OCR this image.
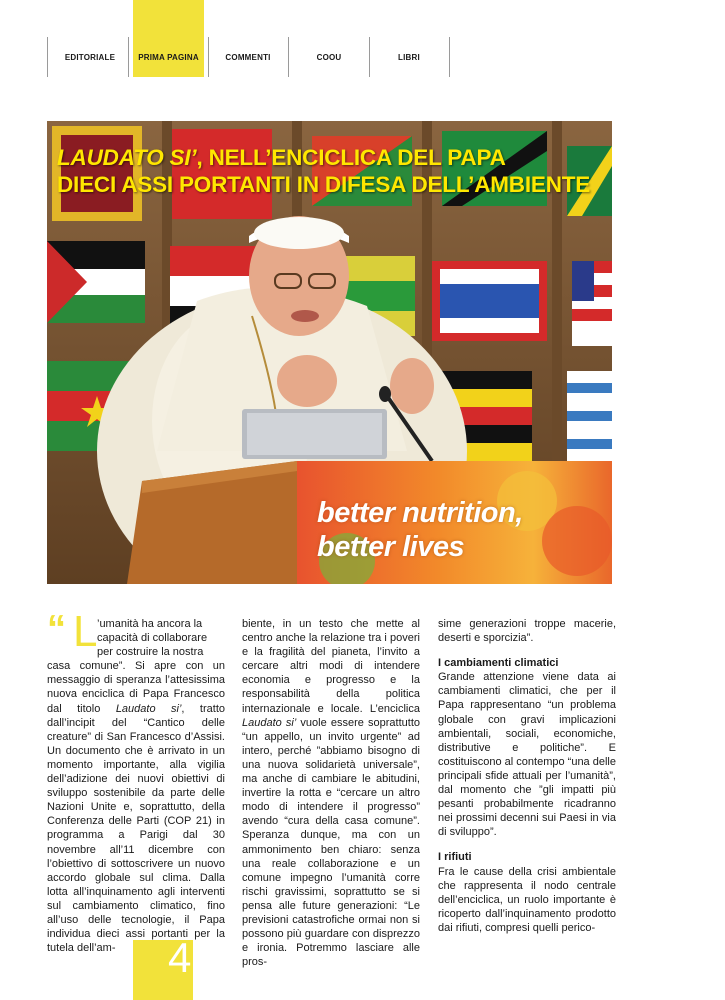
EDITORIALE	PRIMA PAGINA	COMMENTI	COOU	LIBRI
LAUDATO SI’, NELL’ENCICLICA DEL PAPA
DIECI ASSI PORTANTI IN DIFESA DELL’AMBIENTE
better nutrition,
better lives
“ L ’umanità ha ancora la
capacità di collaborare
per costruire la nostra
casa comune”. Si apre con un messaggio di speranza l’attesissima nuova enciclica di Papa Francesco dal titolo Laudato si’, tratto dall’incipit del “Cantico delle creature” di San Francesco d’Assisi. Un documento che è arrivato in un momento importante, alla vigilia dell’adizione dei nuovi obiettivi di sviluppo sostenibile da parte delle Nazioni Unite e, soprattutto, della Conferenza delle Parti (COP 21) in programma a Parigi dal 30 novembre all’11 dicembre con l’obiettivo di sottoscrivere un nuovo accordo globale sul clima. Dalla lotta all’inquinamento agli interventi sul cambiamento climatico, fino all’uso delle tecnologie, il Papa individua dieci assi portanti per la tutela dell’am-

biente, in un testo che mette al centro anche la relazione tra i poveri e la fragilità del pianeta, l’invito a cercare altri modi di intendere economia e progresso e la responsabilità della politica internazionale e locale. L’enciclica Laudato si’ vuole essere soprattutto “un appello, un invito urgente” ad intero, perché ”abbiamo bisogno di una nuova solidarietà universale”, ma anche di cambiare le abitudini, invertire la rotta e “cercare un altro modo di intendere il progresso” avendo “cura della casa comune”. Speranza dunque, ma con un ammonimento ben chiaro: senza una reale collaborazione e un comune impegno l’umanità corre rischi gravissimi, soprattutto se si pensa alle future generazioni: “Le previsioni catastrofiche ormai non si possono più guardare con disprezzo e ironia. Potremmo lasciare alle pros-

sime generazioni troppe macerie, deserti e sporcizia”.

I cambiamenti climatici

Grande attenzione viene data ai cambiamenti climatici, che per il Papa rappresentano “un problema globale con gravi implicazioni ambientali, sociali, economiche, distributive e politiche”. E costituiscono al contempo “una delle principali sfide attuali per l’umanità”, dal momento che ”gli impatti più pesanti probabilmente ricadranno nei prossimi decenni sui Paesi in via di sviluppo”.

I rifiuti

Fra le cause della crisi ambientale che rappresenta il nodo centrale dell’enciclica, un ruolo importante è ricoperto dall’inquinamento prodotto dai rifiuti, compresi quelli perico-

4
